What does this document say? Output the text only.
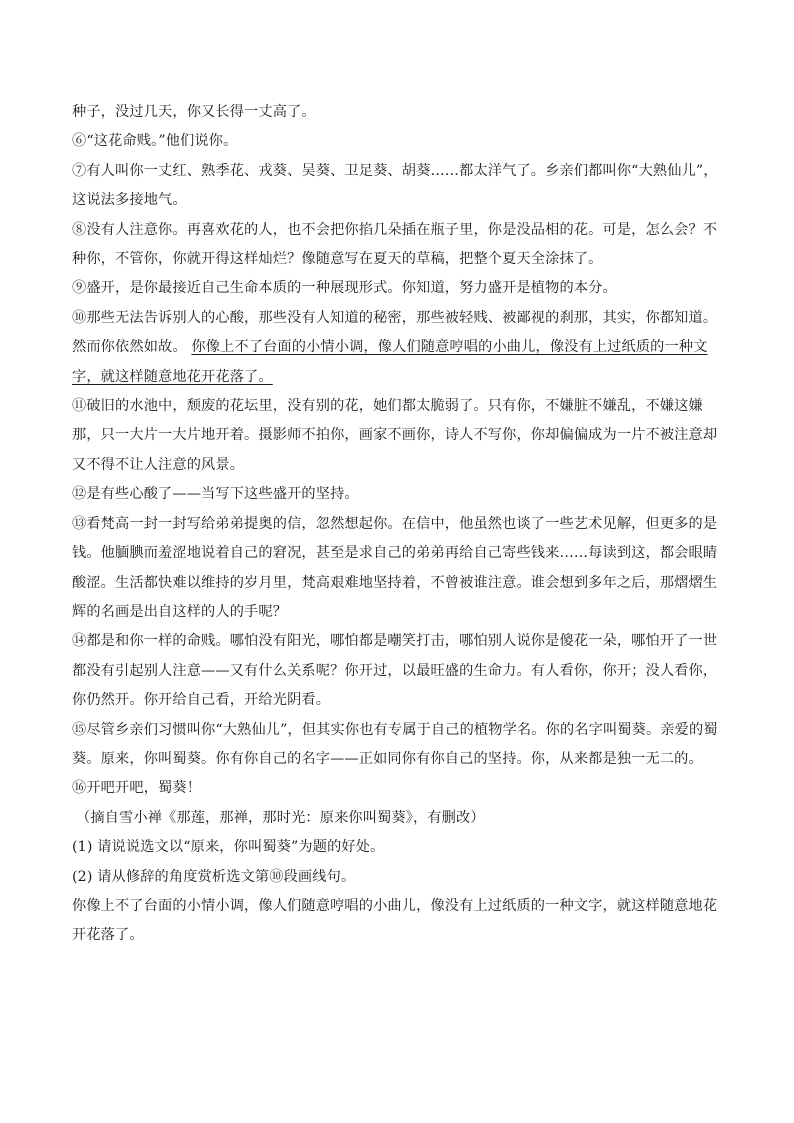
种子，没过几天，你又长得一丈高了。

⑥“这花命贱。”他们说你。

⑦有人叫你一丈红、熟季花、戎葵、吴葵、卫足葵、胡葵……都太洋气了。乡亲们都叫你“大熟仙儿”，这说法多接地气。

⑧没有人注意你。再喜欢花的人，也不会把你掐几朵插在瓶子里，你是没品相的花。可是，怎么会？不种你，不管你，你就开得这样灿烂？像随意写在夏天的草稿，把整个夏天全涂抹了。

⑨盛开，是你最接近自己生命本质的一种展现形式。你知道，努力盛开是植物的本分。

⑩那些无法告诉别人的心酸，那些没有人知道的秘密，那些被轻贱、被鄙视的刹那，其实，你都知道。然而你依然如故。 你像上不了台面的小情小调，像人们随意哼唱的小曲儿，像没有上过纸质的一种文字，就这样随意地花开花落了。

⑪破旧的水池中，颓废的花坛里，没有别的花，她们都太脆弱了。只有你，不嫌脏不嫌乱，不嫌这嫌那，只一大片一大片地开着。摄影师不拍你，画家不画你，诗人不写你，你却偏偏成为一片不被注意却又不得不让人注意的风景。

⑫是有些心酸了——当写下这些盛开的坚持。

⑬看梵高一封一封写给弟弟提奥的信，忽然想起你。在信中，他虽然也谈了一些艺术见解，但更多的是钱。他腼腆而羞涩地说着自己的窘况，甚至是求自己的弟弟再给自己寄些钱来……每读到这，都会眼睛酸涩。生活都快难以维持的岁月里，梵高艰难地坚持着，不曾被谁注意。谁会想到多年之后，那熠熠生辉的名画是出自这样的人的手呢？

⑭都是和你一样的命贱。哪怕没有阳光，哪怕都是嘲笑打击，哪怕别人说你是傻花一朵，哪怕开了一世都没有引起别人注意——又有什么关系呢？你开过，以最旺盛的生命力。有人看你，你开；没人看你，你仍然开。你开给自己看，开给光阴看。

⑮尽管乡亲们习惯叫你“大熟仙儿”，但其实你也有专属于自己的植物学名。你的名字叫蜀葵。亲爱的蜀葵。原来，你叫蜀葵。你有你自己的名字——正如同你有你自己的坚持。你，从来都是独一无二的。

⑯开吧开吧，蜀葵！

（摘自雪小禅《那莲，那禅，那时光：原来你叫蜀葵》，有删改）

(1) 请说说选文以“原来，你叫蜀葵”为题的好处。

(2) 请从修辞的角度赏析选文第⑩段画线句。

你像上不了台面的小情小调，像人们随意哼唱的小曲儿，像没有上过纸质的一种文字，就这样随意地花开花落了。
